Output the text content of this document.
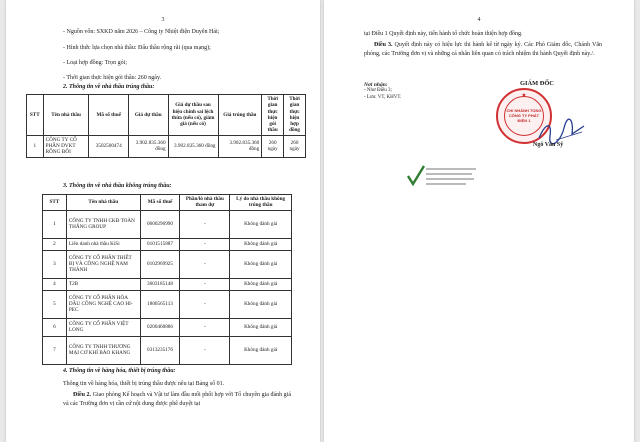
3
- Nguồn vốn: SXKD năm 2026 – Công ty Nhiệt điện Duyên Hải;
- Hình thức lựa chọn nhà thầu: Đấu thầu rộng rãi (qua mạng);
- Loại hợp đồng: Trọn gói;
- Thời gian thực hiện gói thầu: 260 ngày.
2. Thông tin về nhà thầu trúng thầu:
STT	Tên nhà thầu	Mã số thuế	Giá dự thầu	Giá dự thầu sau hiệu chỉnh sai lệch thừa (nếu có), giảm giá (nếu có)	Giá trúng thầu	Thời gian thực hiện gói thầu	Thời gian thực hiện hợp đồng
1	CÔNG TY CỔ PHẦN DVKT RỒNG ĐÔI	3502500474	3.902.835.360 đồng	3.902.835.360 đồng	3.902.835.360 đồng	260 ngày	260 ngày
3. Thông tin về nhà thầu không trúng thầu:
STT	Tên nhà thầu	Mã số thuế	Phần/lô nhà thầu tham dự	Lý do nhà thầu không trúng thầu
1	CÔNG TY TNHH CKĐ TOÀN THẮNG GROUP	0600296990	-	Không đánh giá
2	Liên danh nhà thầu KiSi	0101515887	-	Không đánh giá
3	CÔNG TY CỔ PHẦN THIẾT BỊ VÀ CÔNG NGHỆ NAM THÀNH	0102969925	-	Không đánh giá
4	T2B	3603185148	-	Không đánh giá
5	CÔNG TY CỔ PHẦN HÓA DẦU CÔNG NGHỆ CAO HI-PEC	1800565113	-	Không đánh giá
6	CÔNG TY CỔ PHẦN VIỆT LONG	0200460886	-	Không đánh giá
7	CÔNG TY TNHH THƯƠNG MẠI CƠ KHÍ BẢO KHANG	0313235176	-	Không đánh giá
4. Thông tin về hàng hóa, thiết bị trúng thầu:
Thông tin về hàng hóa, thiết bị trúng thầu được nêu tại Bảng số 01.
Điều 2. Giao phòng Kế hoạch và Vật tư làm đầu mối phối hợp với Tổ chuyên gia đánh giá và các Trường đơn vị cần cứ nội dung được phê duyệt tại
4
tại Điều 1 Quyết định này, tiến hành tổ chức hoàn thiện hợp đồng.
Điều 3. Quyết định này có hiệu lực thi hành kể từ ngày ký. Các Phó Giám đốc, Chánh Văn phòng, các Trưởng đơn vị và những cá nhân liên quan có trách nhiệm thi hành Quyết định này./.
Nơi nhận:
- Như Điều 3;
- Lưu: VT, KHVT.
GIÁM ĐỐC
★
CHI NHÁNH TỔNG CÔNG TY PHÁT ĐIỆN 1
Ngô Văn Sỹ
